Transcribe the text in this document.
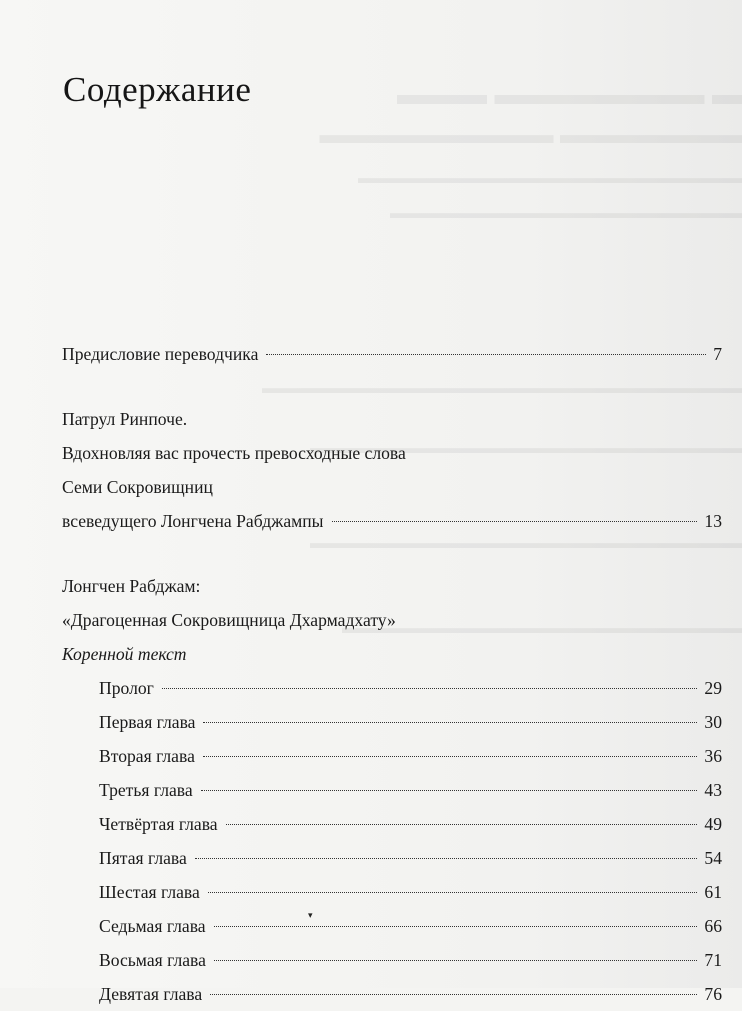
▬▬▬ ▬▬▬▬▬▬▬ ▬
▬▬▬▬▬▬▬▬▬ ▬▬▬▬▬▬▬
▬▬▬▬▬▬▬▬▬▬▬▬▬▬▬▬▬▬▬▬▬▬▬▬
▬▬▬▬▬▬▬▬▬▬▬▬▬▬▬▬▬▬▬▬▬▬
▬▬▬▬▬▬▬▬▬▬▬▬▬▬▬▬▬▬▬▬▬▬▬▬▬▬▬▬▬▬
▬▬▬▬▬▬▬▬▬▬▬▬▬▬▬▬▬▬▬▬▬▬▬▬▬▬▬
▬▬▬▬▬▬▬▬▬▬▬▬▬▬▬▬▬▬▬▬▬▬▬▬▬▬▬
▬▬▬▬▬▬▬▬▬▬▬▬▬▬▬▬▬▬▬▬▬▬▬▬▬
Содержание
Предисловие переводчика	7
Патрул Ринпоче.
Вдохновляя вас прочесть превосходные слова
Семи Сокровищниц
всеведущего Лонгчена Рабджампы	13
Лонгчен Рабджам:
«Драгоценная Сокровищница Дхармадхату»
Коренной текст
Пролог	29
Первая глава	30
Вторая глава	36
Третья глава	43
Четвёртая глава	49
Пятая глава	54
Шестая глава	61
Седьмая глава	66
Восьмая глава	71
Девятая глава	76
▾
